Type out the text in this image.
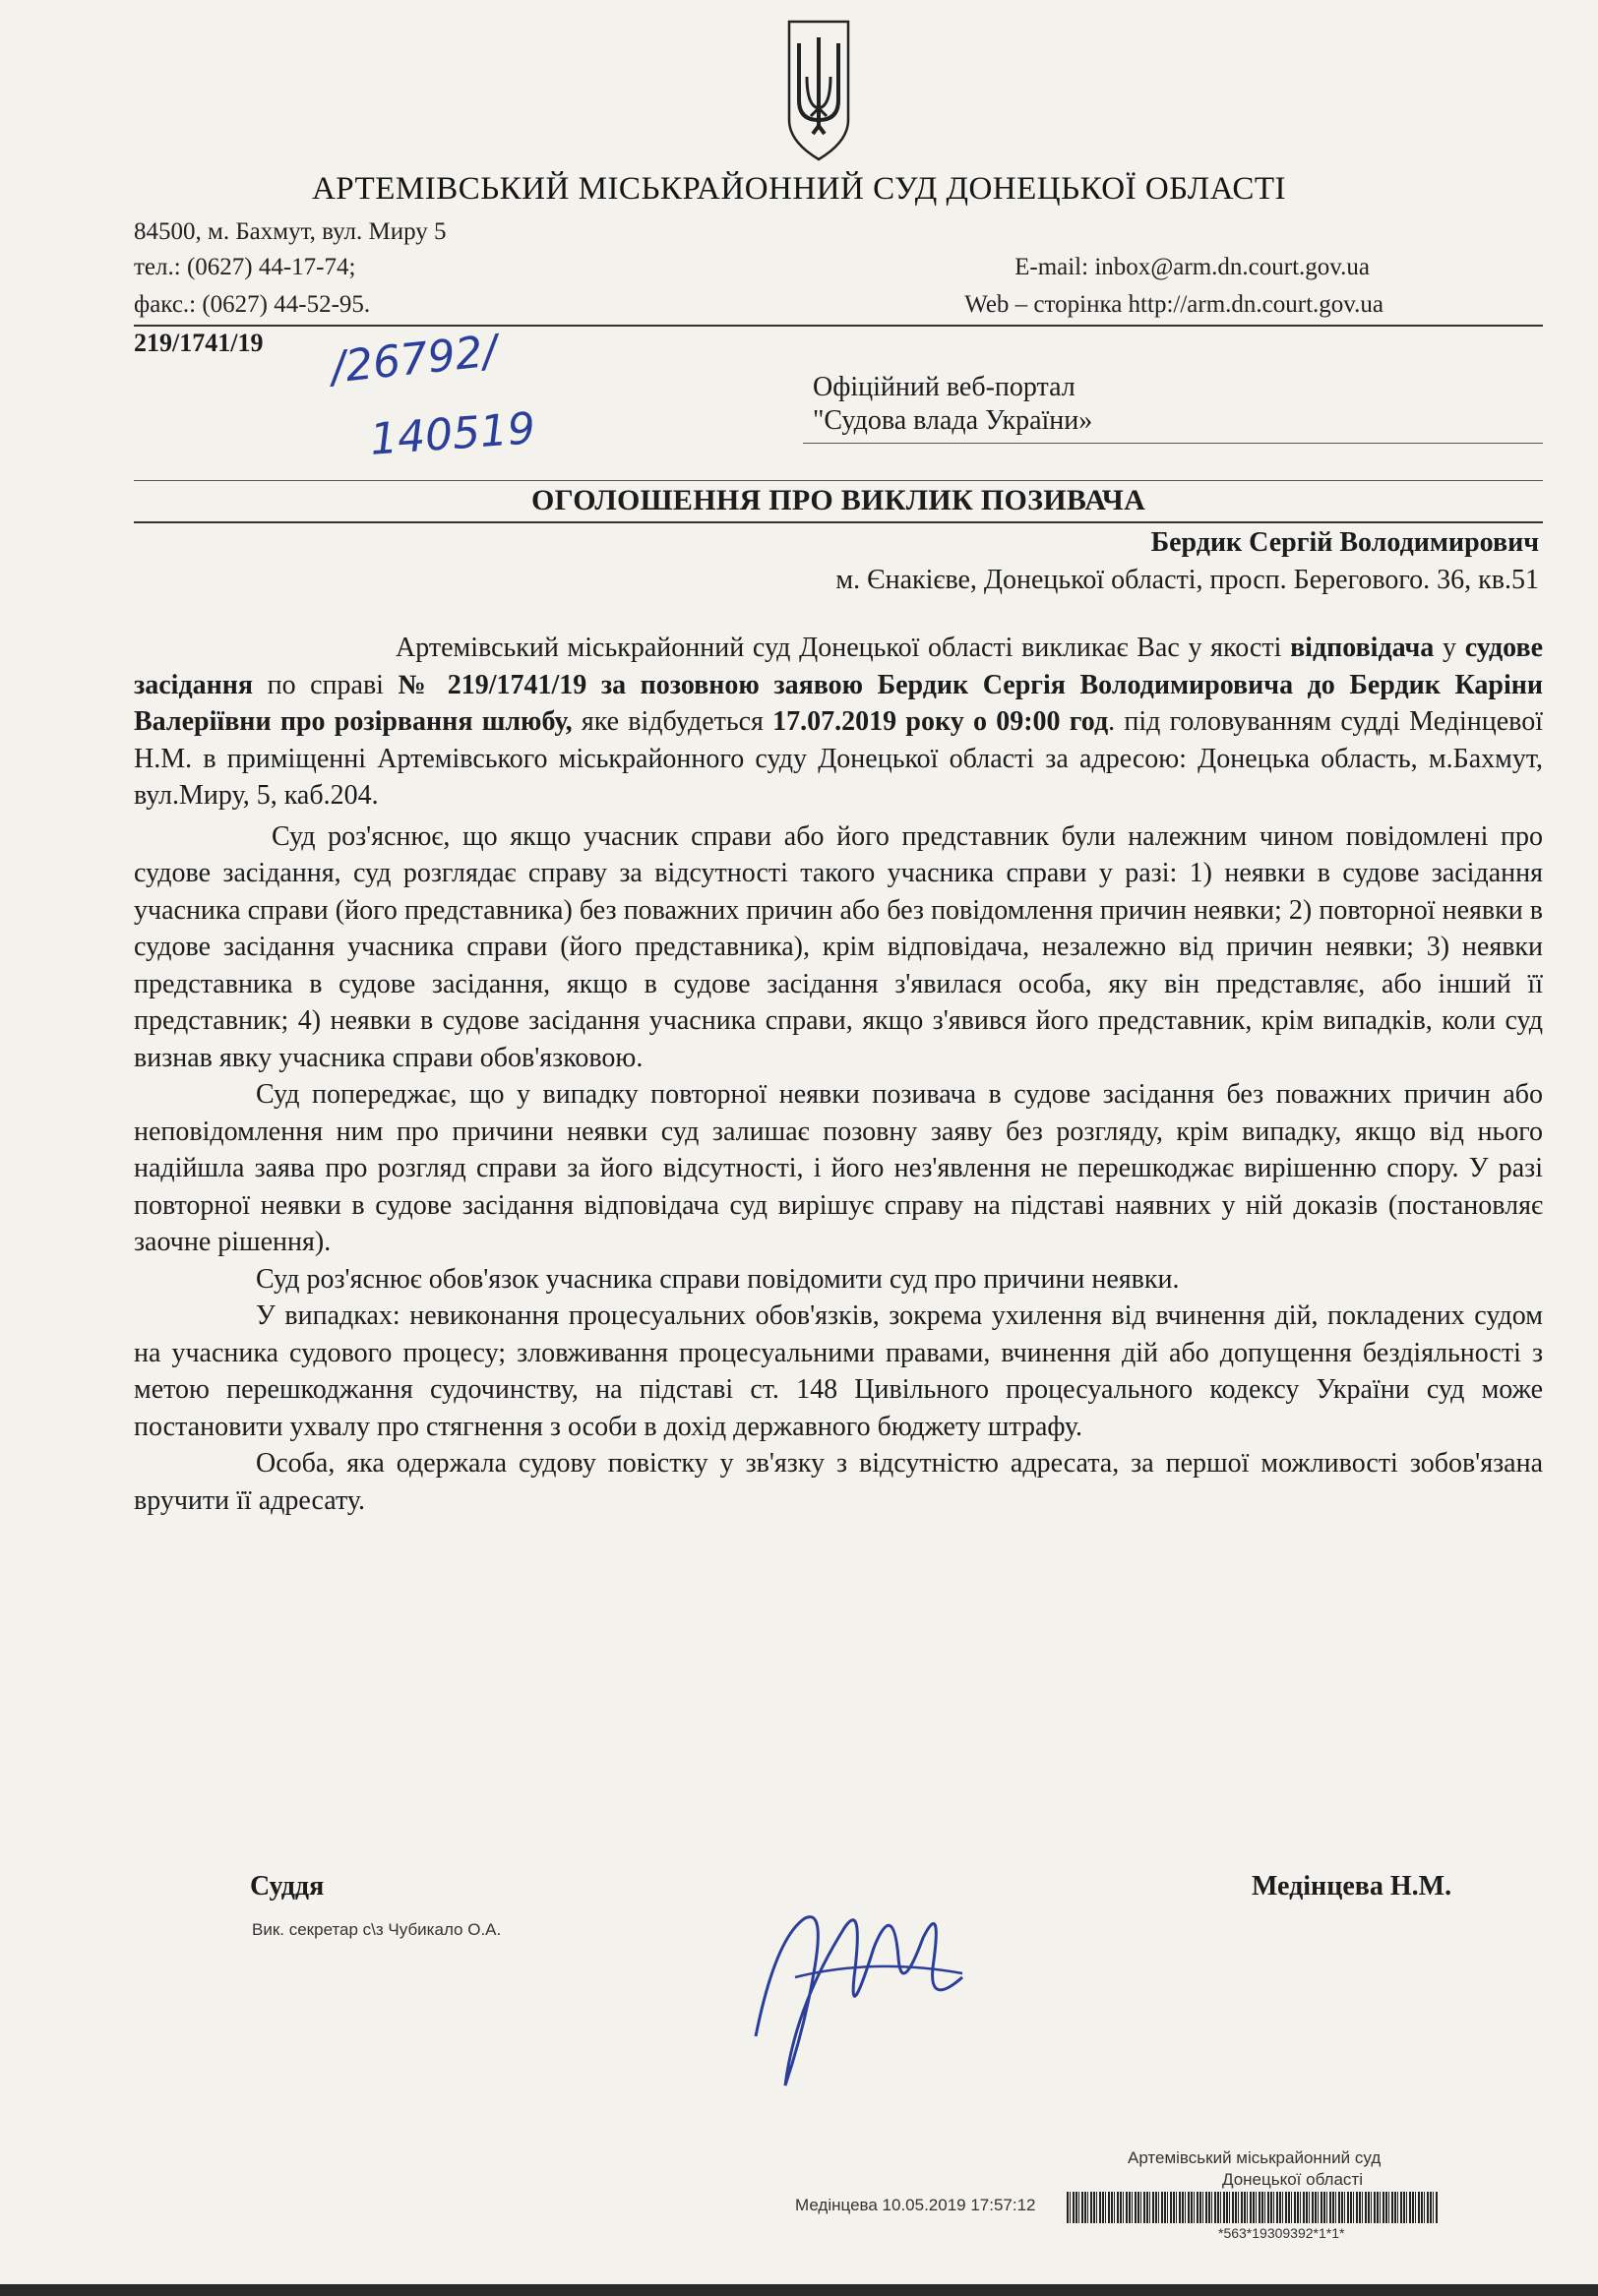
АРТЕМІВСЬКИЙ МІСЬКРАЙОННИЙ СУД ДОНЕЦЬКОЇ ОБЛАСТІ
84500, м. Бахмут, вул. Миру 5
тел.: (0627) 44-17-74;
факс.: (0627) 44-52-95.
E-mail: inbox@arm.dn.court.gov.ua
Web – сторінка http://arm.dn.court.gov.ua
219/1741/19 /26792/
140519
Офіційний веб-портал
"Судова влада України»
ОГОЛОШЕННЯ ПРО ВИКЛИК ПОЗИВАЧА
Бердик Сергій Володимирович
м. Єнакієве, Донецької області, просп. Берегового. 36, кв.51

Артемівський міськрайонний суд Донецької області викликає Вас у якості відповідача у судове засідання по справі № 219/1741/19 за позовною заявою Бердик Сергія Володимировича до Бердик Каріни Валеріївни про розірвання шлюбу, яке відбудеться 17.07.2019 року о 09:00 год. під головуванням судді Медінцевої Н.М. в приміщенні Артемівського міськрайонного суду Донецької області за адресою: Донецька область, м.Бахмут, вул.Миру, 5, каб.204.

Суд роз'яснює, що якщо учасник справи або його представник були належним чином повідомлені про судове засідання, суд розглядає справу за відсутності такого учасника справи у разі: 1) неявки в судове засідання учасника справи (його представника) без поважних причин або без повідомлення причин неявки; 2) повторної неявки в судове засідання учасника справи (його представника), крім відповідача, незалежно від причин неявки; 3) неявки представника в судове засідання, якщо в судове засідання з'явилася особа, яку він представляє, або інший її представник; 4) неявки в судове засідання учасника справи, якщо з'явився його представник, крім випадків, коли суд визнав явку учасника справи обов'язковою.

Суд попереджає, що у випадку повторної неявки позивача в судове засідання без поважних причин або неповідомлення ним про причини неявки суд залишає позовну заяву без розгляду, крім випадку, якщо від нього надійшла заява про розгляд справи за його відсутності, і його нез'явлення не перешкоджає вирішенню спору. У разі повторної неявки в судове засідання відповідача суд вирішує справу на підставі наявних у ній доказів (постановляє заочне рішення).

Суд роз'яснює обов'язок учасника справи повідомити суд про причини неявки.

У випадках: невиконання процесуальних обов'язків, зокрема ухилення від вчинення дій, покладених судом на учасника судового процесу; зловживання процесуальними правами, вчинення дій або допущення бездіяльності з метою перешкоджання судочинству, на підставі ст. 148 Цивільного процесуального кодексу України суд може постановити ухвалу про стягнення з особи в дохід державного бюджету штрафу.

Особа, яка одержала судову повістку у зв'язку з відсутністю адресата, за першої можливості зобов'язана вручити її адресату.

Суддя
Вик. секретар с\з Чубикало О.А.
Медінцева Н.М.
Артемівський міськрайонний суд
Донецької області
Медінцева 10.05.2019 17:57:12
*563*19309392*1*1*
